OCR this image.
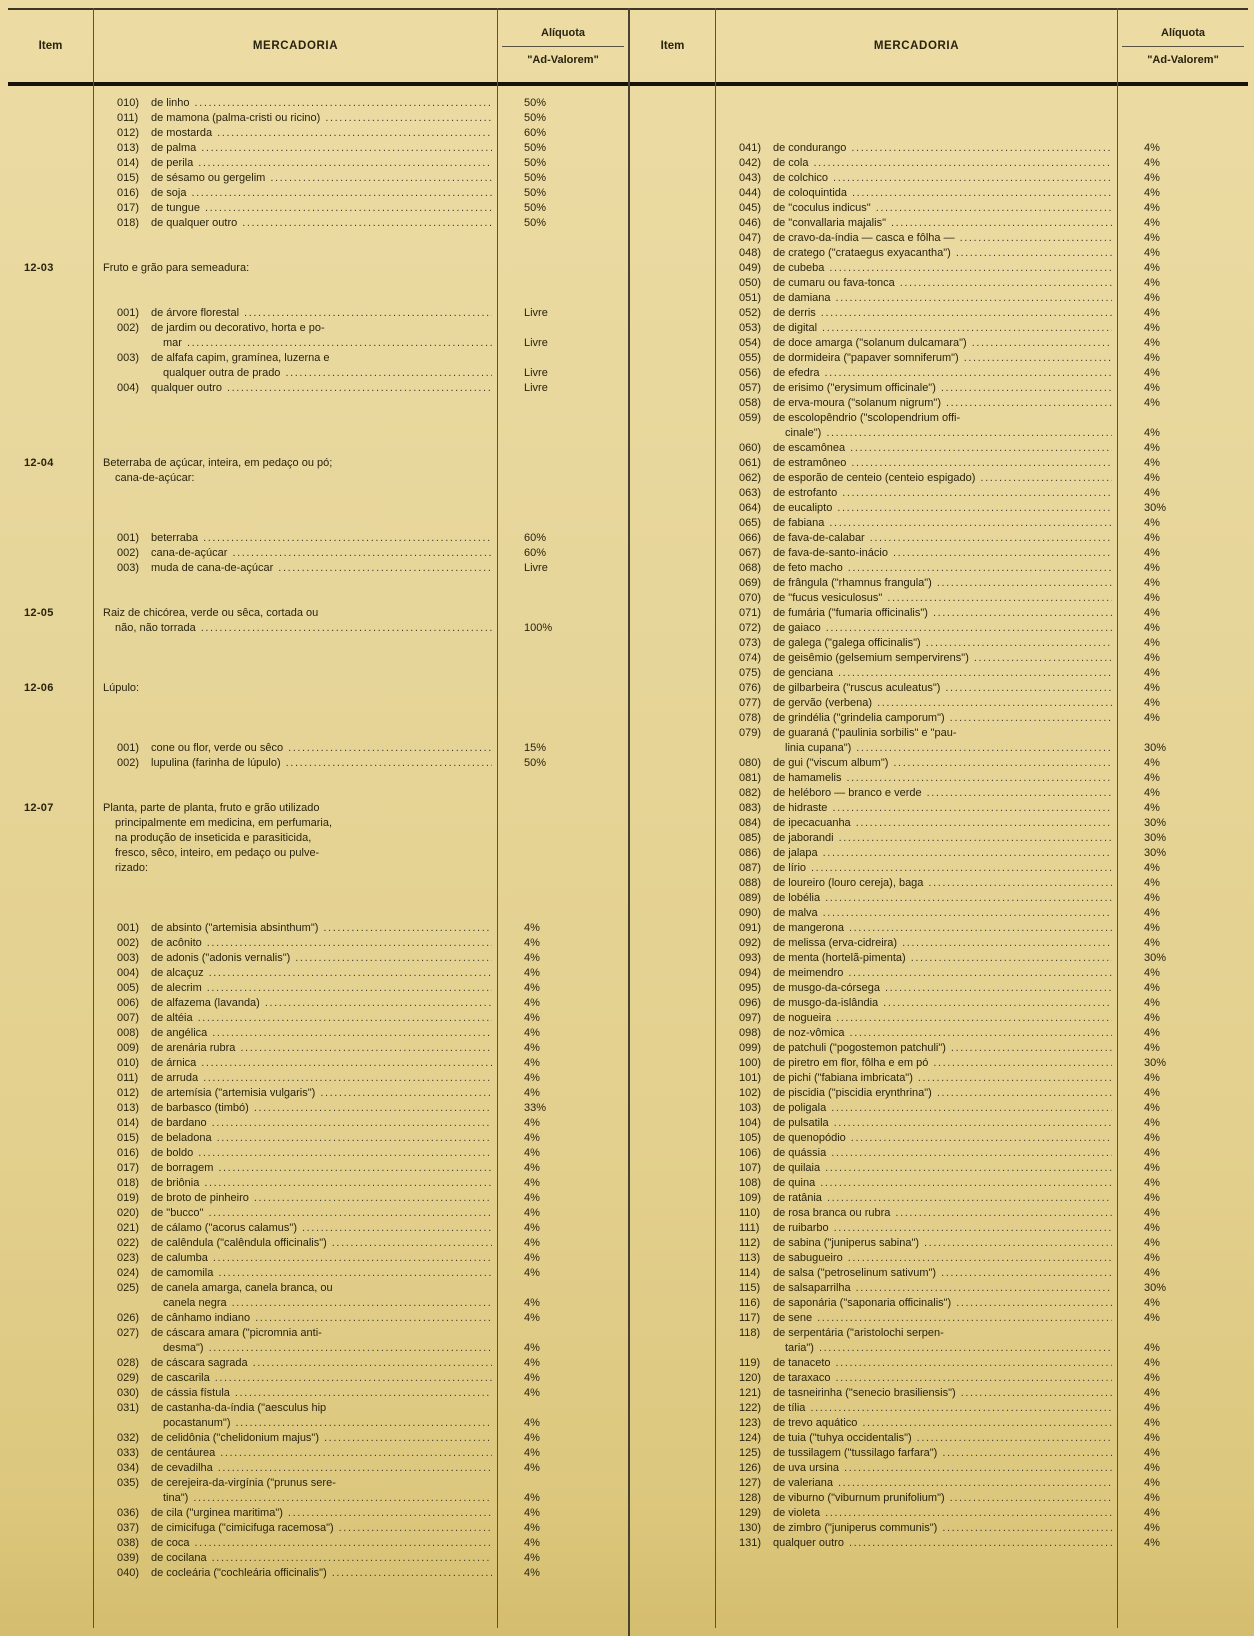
Item	MERCADORIA
Alíquota
"Ad-Valorem"
010)	de linho .....	50%
011)	de mamona (palma-cristi ou ricino) .....	50%
012)	de mostarda .....	60%
013)	de palma .....	50%
014)	de perila .....	50%
015)	de sésamo ou gergelim .....	50%
016)	de soja .....	50%
017)	de tungue .....	50%
018)	de qualquer outro .....	50%
12-03	Fruto e grão para semeadura:
001)	de árvore florestal .....	Livre
002)	de jardim ou decorativo, horta e po-
mar .....	Livre
003)	de alfafa capim, gramínea, luzerna e
qualquer outra de prado .....	Livre
004)	qualquer outro .....	Livre
12-04	Beterraba de açúcar, inteira, em pedaço ou pó;
cana-de-açúcar:
001)	beterraba .....	60%
002)	cana-de-açúcar .....	60%
003)	muda de cana-de-açúcar .....	Livre
12-05	Raiz de chicórea, verde ou sêca, cortada ou
não, não torrada .....	100%
12-06	Lúpulo:
001)	cone ou flor, verde ou sêco .....	15%
002)	lupulina (farinha de lúpulo) .....	50%
12-07	Planta, parte de planta, fruto e grão utilizado
principalmente em medicina, em perfumaria,
na produção de inseticida e parasiticida,
fresco, sêco, inteiro, em pedaço ou pulve-
rizado:
001)	de absinto ("artemisia absinthum") .....	4%
002)	de acônito .....	4%
003)	de adonis ("adonis vernalis") .....	4%
004)	de alcaçuz .....	4%
005)	de alecrim .....	4%
006)	de alfazema (lavanda) .....	4%
007)	de altéia .....	4%
008)	de angélica .....	4%
009)	de arenária rubra .....	4%
010)	de árnica .....	4%
011)	de arruda .....	4%
012)	de artemísia ("artemisia vulgaris") .....	4%
013)	de barbasco (timbó) .....	33%
014)	de bardano .....	4%
015)	de beladona .....	4%
016)	de boldo .....	4%
017)	de borragem .....	4%
018)	de briônia .....	4%
019)	de broto de pinheiro .....	4%
020)	de "bucco" .....	4%
021)	de cálamo ("acorus calamus") .....	4%
022)	de calêndula ("calêndula officinalis") .....	4%
023)	de calumba .....	4%
024)	de camomila .....	4%
025)	de canela amarga, canela branca, ou
canela negra .....	4%
026)	de cânhamo indiano .....	4%
027)	de cáscara amara ("picromnia anti-
desma") .....	4%
028)	de cáscara sagrada .....	4%
029)	de cascarila .....	4%
030)	de cássia fístula .....	4%
031)	de castanha-da-índia ("aesculus hip
pocastanum") .....	4%
032)	de celidônia ("chelidonium majus") .....	4%
033)	de centáurea .....	4%
034)	de cevadilha .....	4%
035)	de cerejeira-da-virgínia ("prunus sere-
tina") .....	4%
036)	de cila ("urginea maritima") .....	4%
037)	de cimicifuga ("cimicifuga racemosa") .....	4%
038)	de coca .....	4%
039)	de cocilana .....	4%
040)	de cocleária ("cochleária officinalis") .....	4%
Item	MERCADORIA
Alíquota
"Ad-Valorem"
041)	de condurango .....	4%
042)	de cola .....	4%
043)	de colchico .....	4%
044)	de coloquintida .....	4%
045)	de "coculus indicus" .....	4%
046)	de "convallaria majalis" .....	4%
047)	de cravo-da-índia — casca e fôlha — .....	4%
048)	de cratego ("crataegus exyacantha") .....	4%
049)	de cubeba .....	4%
050)	de cumaru ou fava-tonca .....	4%
051)	de damiana .....	4%
052)	de derris .....	4%
053)	de digital .....	4%
054)	de doce amarga ("solanum dulcamara") .....	4%
055)	de dormideira ("papaver somniferum") .....	4%
056)	de efedra .....	4%
057)	de erisimo ("erysimum officinale") .....	4%
058)	de erva-moura ("solanum nigrum") .....	4%
059)	de escolopêndrio ("scolopendrium offi-
cinale") .....	4%
060)	de escamônea .....	4%
061)	de estramôneo .....	4%
062)	de esporão de centeio (centeio espigado) .....	4%
063)	de estrofanto .....	4%
064)	de eucalipto .....	30%
065)	de fabiana .....	4%
066)	de fava-de-calabar .....	4%
067)	de fava-de-santo-inácio .....	4%
068)	de feto macho .....	4%
069)	de frângula ("rhamnus frangula") .....	4%
070)	de "fucus vesiculosus" .....	4%
071)	de fumária ("fumaria officinalis") .....	4%
072)	de gaiaco .....	4%
073)	de galega ("galega officinalis") .....	4%
074)	de geisêmio (gelsemium sempervirens") .....	4%
075)	de genciana .....	4%
076)	de gilbarbeira ("ruscus aculeatus") .....	4%
077)	de gervão (verbena) .....	4%
078)	de grindélia ("grindelia camporum") .....	4%
079)	de guaraná ("paulinia sorbilis" e "pau-
linia cupana") .....	30%
080)	de gui ("viscum album") .....	4%
081)	de hamamelis .....	4%
082)	de heléboro — branco e verde .....	4%
083)	de hidraste .....	4%
084)	de ipecacuanha .....	30%
085)	de jaborandi .....	30%
086)	de jalapa .....	30%
087)	de lírio .....	4%
088)	de loureiro (louro cereja), baga .....	4%
089)	de lobélia .....	4%
090)	de malva .....	4%
091)	de mangerona .....	4%
092)	de melissa (erva-cidreira) .....	4%
093)	de menta (hortelã-pimenta) .....	30%
094)	de meimendro .....	4%
095)	de musgo-da-córsega .....	4%
096)	de musgo-da-islândia .....	4%
097)	de nogueira .....	4%
098)	de noz-vômica .....	4%
099)	de patchuli ("pogostemon patchuli") .....	4%
100)	de piretro em flor, fôlha e em pó .....	30%
101)	de pichi ("fabiana imbricata") .....	4%
102)	de piscidia ("piscidia erynthrina") .....	4%
103)	de poligala .....	4%
104)	de pulsatila .....	4%
105)	de quenopódio .....	4%
106)	de quássia .....	4%
107)	de quilaia .....	4%
108)	de quina .....	4%
109)	de ratânia .....	4%
110)	de rosa branca ou rubra .....	4%
111)	de ruibarbo .....	4%
112)	de sabina ("juniperus sabina") .....	4%
113)	de sabugueiro .....	4%
114)	de salsa ("petroselinum sativum") .....	4%
115)	de salsaparrilha .....	30%
116)	de saponária ("saponaria officinalis") .....	4%
117)	de sene .....	4%
118)	de serpentária ("aristolochi serpen-
taria") .....	4%
119)	de tanaceto .....	4%
120)	de taraxaco .....	4%
121)	de tasneirinha ("senecio brasiliensis") .....	4%
122)	de tília .....	4%
123)	de trevo aquático .....	4%
124)	de tuia ("tuhya occidentalis") .....	4%
125)	de tussilagem ("tussilago farfara") .....	4%
126)	de uva ursina .....	4%
127)	de valeriana .....	4%
128)	de viburno ("viburnum prunifolium") .....	4%
129)	de violeta .....	4%
130)	de zimbro ("juniperus communis") .....	4%
131)	qualquer outro .....	4%
